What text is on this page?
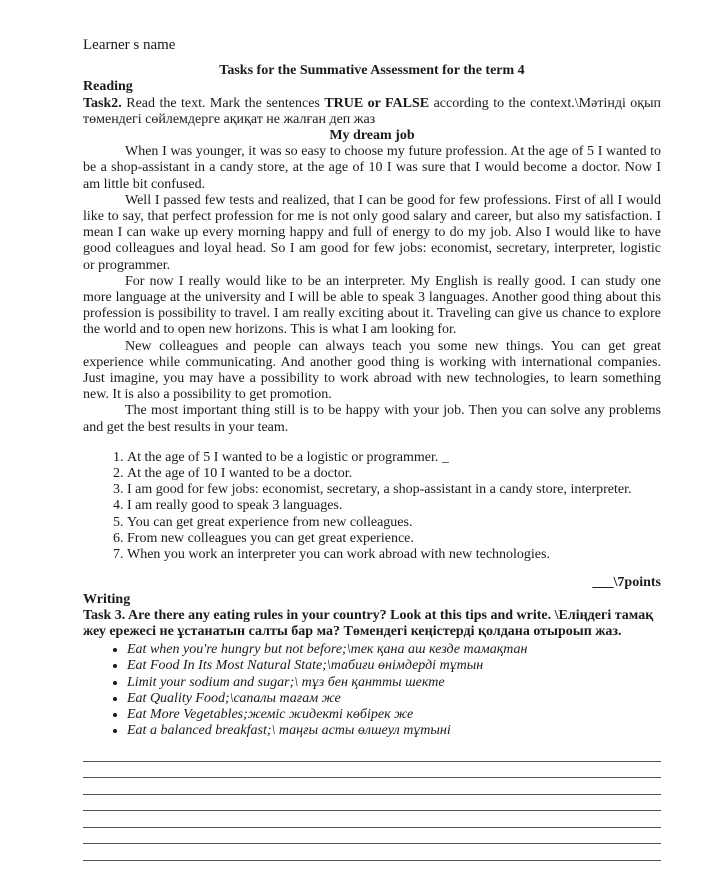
Learner s name
Tasks for the Summative Assessment for the term 4
Reading

Task2. Read the text. Mark the sentences TRUE or FALSE according to the context.\Мәтінді оқып төмендегі сөйлемдерге ақиқат не жалған деп жаз

My dream job

When I was younger, it was so easy to choose my future profession. At the age of 5 I wanted to be a shop-assistant in a candy store, at the age of 10 I was sure that I would become a doctor. Now I am little bit confused.

Well I passed few tests and realized, that I can be good for few professions. First of all I would like to say, that perfect profession for me is not only good salary and career, but also my satisfaction. I mean I can wake up every morning happy and full of energy to do my job. Also I would like to have good colleagues and loyal head. So I am good for few jobs: economist, secretary, interpreter, logistic or programmer.

For now I really would like to be an interpreter. My English is really good. I can study one more language at the university and I will be able to speak 3 languages. Another good thing about this profession is possibility to travel. I am really exciting about it. Traveling can give us chance to explore the world and to open new horizons. This is what I am looking for.

New colleagues and people can always teach you some new things. You can get great experience while communicating. And another good thing is working with international companies. Just imagine, you may have a possibility to work abroad with new technologies, to learn something new. It is also a possibility to get promotion.

The most important thing still is to be happy with your job. Then you can solve any problems and get the best results in your team.

1. At the age of 5 I wanted to be a logistic or programmer. _
2. At the age of 10 I wanted to be a doctor.
3. I am good for few jobs: economist, secretary, a shop-assistant in a candy store, interpreter.
4. I am really good to speak 3 languages.
5. You can get great experience from new colleagues.
6. From new colleagues you can get great experience.
7. When you work an interpreter you can work abroad with new technologies.
___\7points
Writing

Task 3. Are there any eating rules in your country? Look at this tips and write. \Еліңдегі тамақ жеу ережесі не ұстанатын салты бар ма? Төмендегі кеңістерді қолдана отыроып жаз.

• Eat when you're hungry but not before;\тек қана аш кезде тамақтан
• Eat Food In Its Most Natural State;\табиғи өнімдерді тұтын
• Limit your sodium and sugar;\ тұз бен қантты шекте
• Eat Quality Food;\сапалы тағам же
• Eat More Vegetables;жеміс жидекті көбірек же
• Eat a balanced breakfast;\ таңғы асты өлшеул тұтыні
